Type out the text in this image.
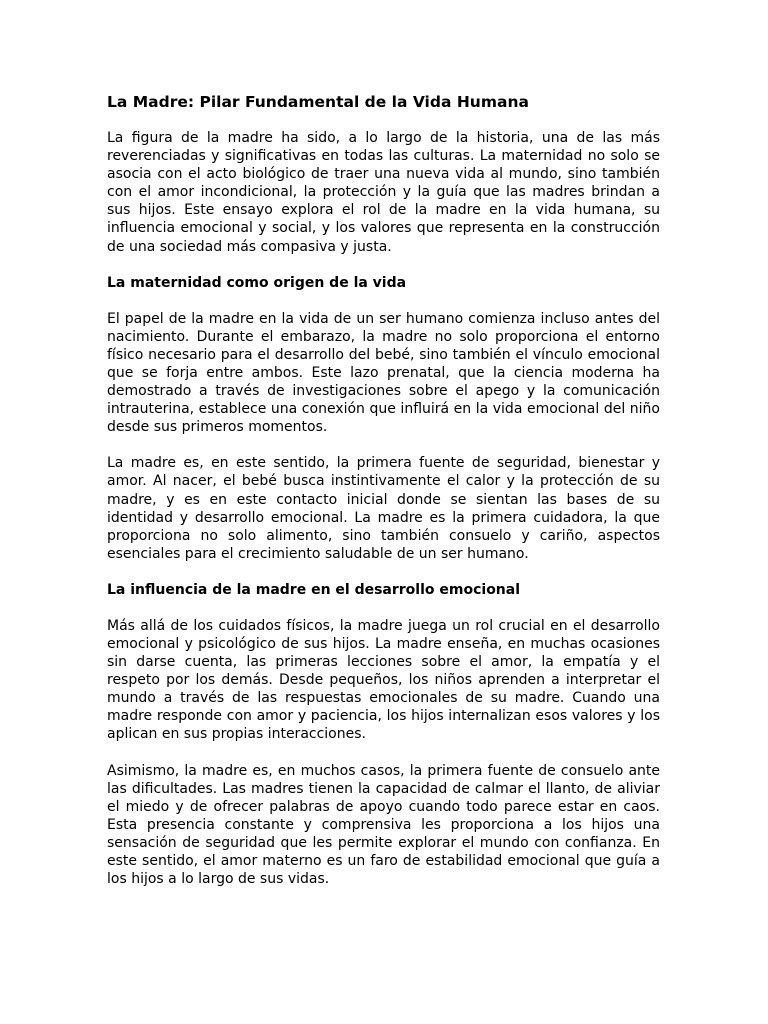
La Madre: Pilar Fundamental de la Vida Humana

La figura de la madre ha sido, a lo largo de la historia, una de las más reverenciadas y significativas en todas las culturas. La maternidad no solo se asocia con el acto biológico de traer una nueva vida al mundo, sino también con el amor incondicional, la protección y la guía que las madres brindan a sus hijos. Este ensayo explora el rol de la madre en la vida humana, su influencia emocional y social, y los valores que representa en la construcción de una sociedad más compasiva y justa.

La maternidad como origen de la vida

El papel de la madre en la vida de un ser humano comienza incluso antes del nacimiento. Durante el embarazo, la madre no solo proporciona el entorno físico necesario para el desarrollo del bebé, sino también el vínculo emocional que se forja entre ambos. Este lazo prenatal, que la ciencia moderna ha demostrado a través de investigaciones sobre el apego y la comunicación intrauterina, establece una conexión que influirá en la vida emocional del niño desde sus primeros momentos.

La madre es, en este sentido, la primera fuente de seguridad, bienestar y amor. Al nacer, el bebé busca instintivamente el calor y la protección de su madre, y es en este contacto inicial donde se sientan las bases de su identidad y desarrollo emocional. La madre es la primera cuidadora, la que proporciona no solo alimento, sino también consuelo y cariño, aspectos esenciales para el crecimiento saludable de un ser humano.

La influencia de la madre en el desarrollo emocional

Más allá de los cuidados físicos, la madre juega un rol crucial en el desarrollo emocional y psicológico de sus hijos. La madre enseña, en muchas ocasiones sin darse cuenta, las primeras lecciones sobre el amor, la empatía y el respeto por los demás. Desde pequeños, los niños aprenden a interpretar el mundo a través de las respuestas emocionales de su madre. Cuando una madre responde con amor y paciencia, los hijos internalizan esos valores y los aplican en sus propias interacciones.

Asimismo, la madre es, en muchos casos, la primera fuente de consuelo ante las dificultades. Las madres tienen la capacidad de calmar el llanto, de aliviar el miedo y de ofrecer palabras de apoyo cuando todo parece estar en caos. Esta presencia constante y comprensiva les proporciona a los hijos una sensación de seguridad que les permite explorar el mundo con confianza. En este sentido, el amor materno es un faro de estabilidad emocional que guía a los hijos a lo largo de sus vidas.
